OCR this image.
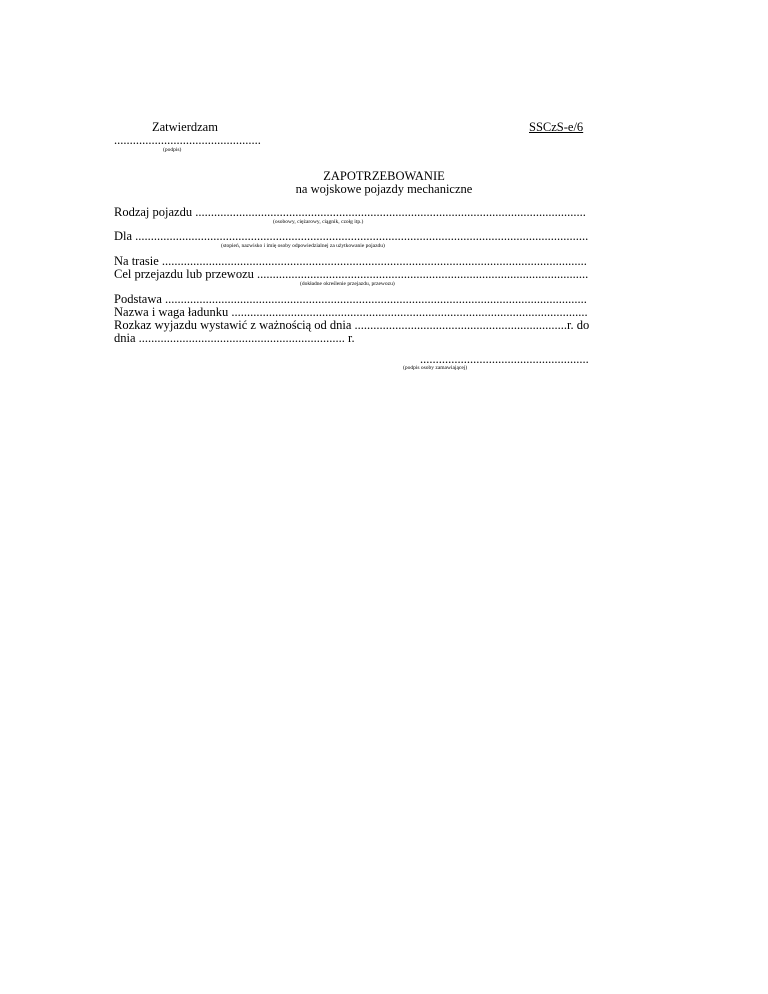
Zatwierdzam	SSCzS-e/6
...............................................
(podpis)
ZAPOTRZEBOWANIE
na wojskowe pojazdy mechaniczne
Rodzaj pojazdu .............................................................................................................................
(osobowy, ciężarowy, ciągnik, czołg itp.)
Dla .................................................................................................................................................
(stopień, nazwisko i imię osoby odpowiedzialnej za użytkowanie pojazdu)
Na trasie ........................................................................................................................................
Cel przejazdu lub przewozu ..........................................................................................................
(dokładne określenie przejazdu, przewozu)
Podstawa .......................................................................................................................................
Nazwa i waga ładunku ..................................................................................................................
Rozkaz wyjazdu wystawić z ważnością od dnia ....................................................................r. do
dnia .................................................................. r.
......................................................
(podpis osoby zamawiającej)
